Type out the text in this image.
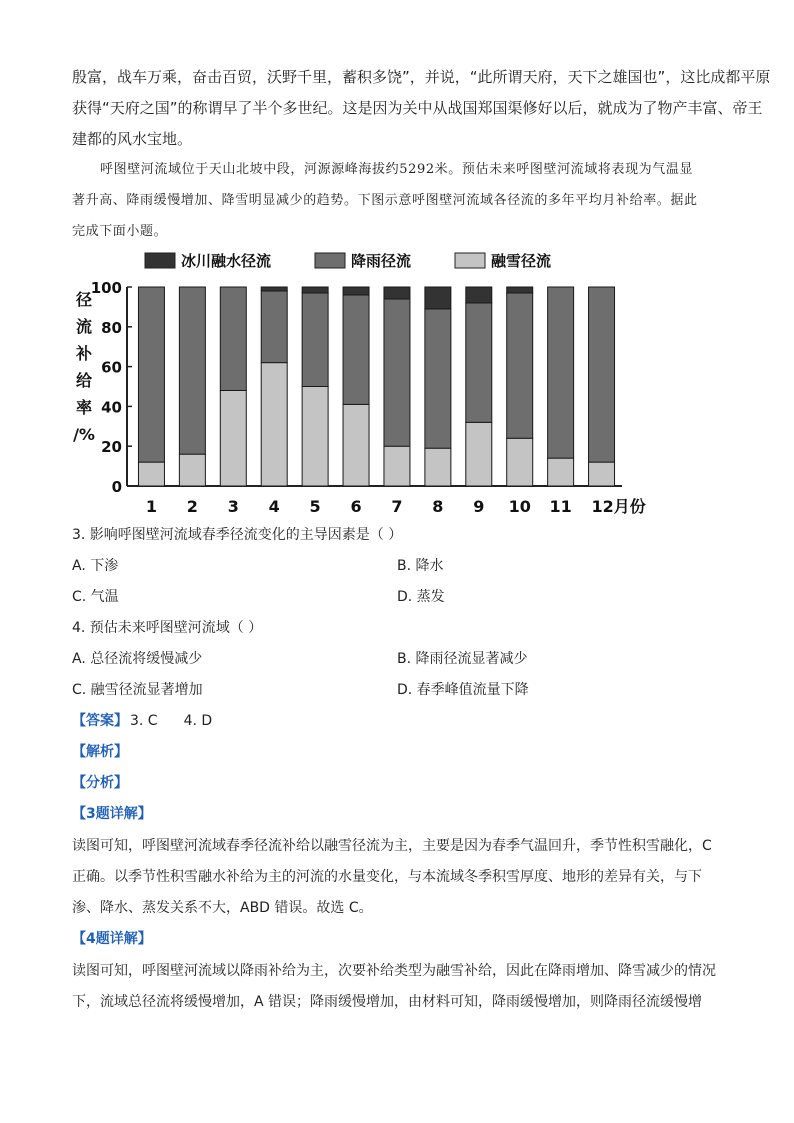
殷富，战车万乘，奋击百贸，沃野千里，蓄积多饶”，并说，“此所谓天府，天下之雄国也”，这比成都平原
获得“天府之国”的称谓早了半个多世纪。这是因为关中从战国郑国渠修好以后，就成为了物产丰富、帝王
建都的风水宝地。
呼图壁河流域位于天山北坡中段，河源源峰海拔约5292米。预估未来呼图壁河流域将表现为气温显
著升高、降雨缓慢增加、降雪明显减少的趋势。下图示意呼图壁河流域各径流的多年平均月补给率。据此
完成下面小题。
冰川融水径流	降雨径流	融雪径流
径
流
补
给
率
/%
0
20
40
60
80
100
1 2 3 4 5 6 7 8 9 10 11 12月份
3. 影响呼图壁河流域春季径流变化的主导因素是（ ）
A. 下渗	B. 降水
C. 气温	D. 蒸发
4. 预估未来呼图壁河流域（ ）
A. 总径流将缓慢减少	B. 降雨径流显著减少
C. 融雪径流显著增加	D. 春季峰值流量下降
【答案】 3. C 4. D
【解析】
【分析】
【3题详解】
读图可知，呼图壁河流域春季径流补给以融雪径流为主，主要是因为春季气温回升，季节性积雪融化，C
正确。以季节性积雪融水补给为主的河流的水量变化，与本流域冬季积雪厚度、地形的差异有关，与下
渗、降水、蒸发关系不大，ABD 错误。故选 C。
【4题详解】
读图可知，呼图壁河流域以降雨补给为主，次要补给类型为融雪补给，因此在降雨增加、降雪减少的情况
下，流域总径流将缓慢增加，A 错误；降雨缓慢增加，由材料可知，降雨缓慢增加，则降雨径流缓慢增
